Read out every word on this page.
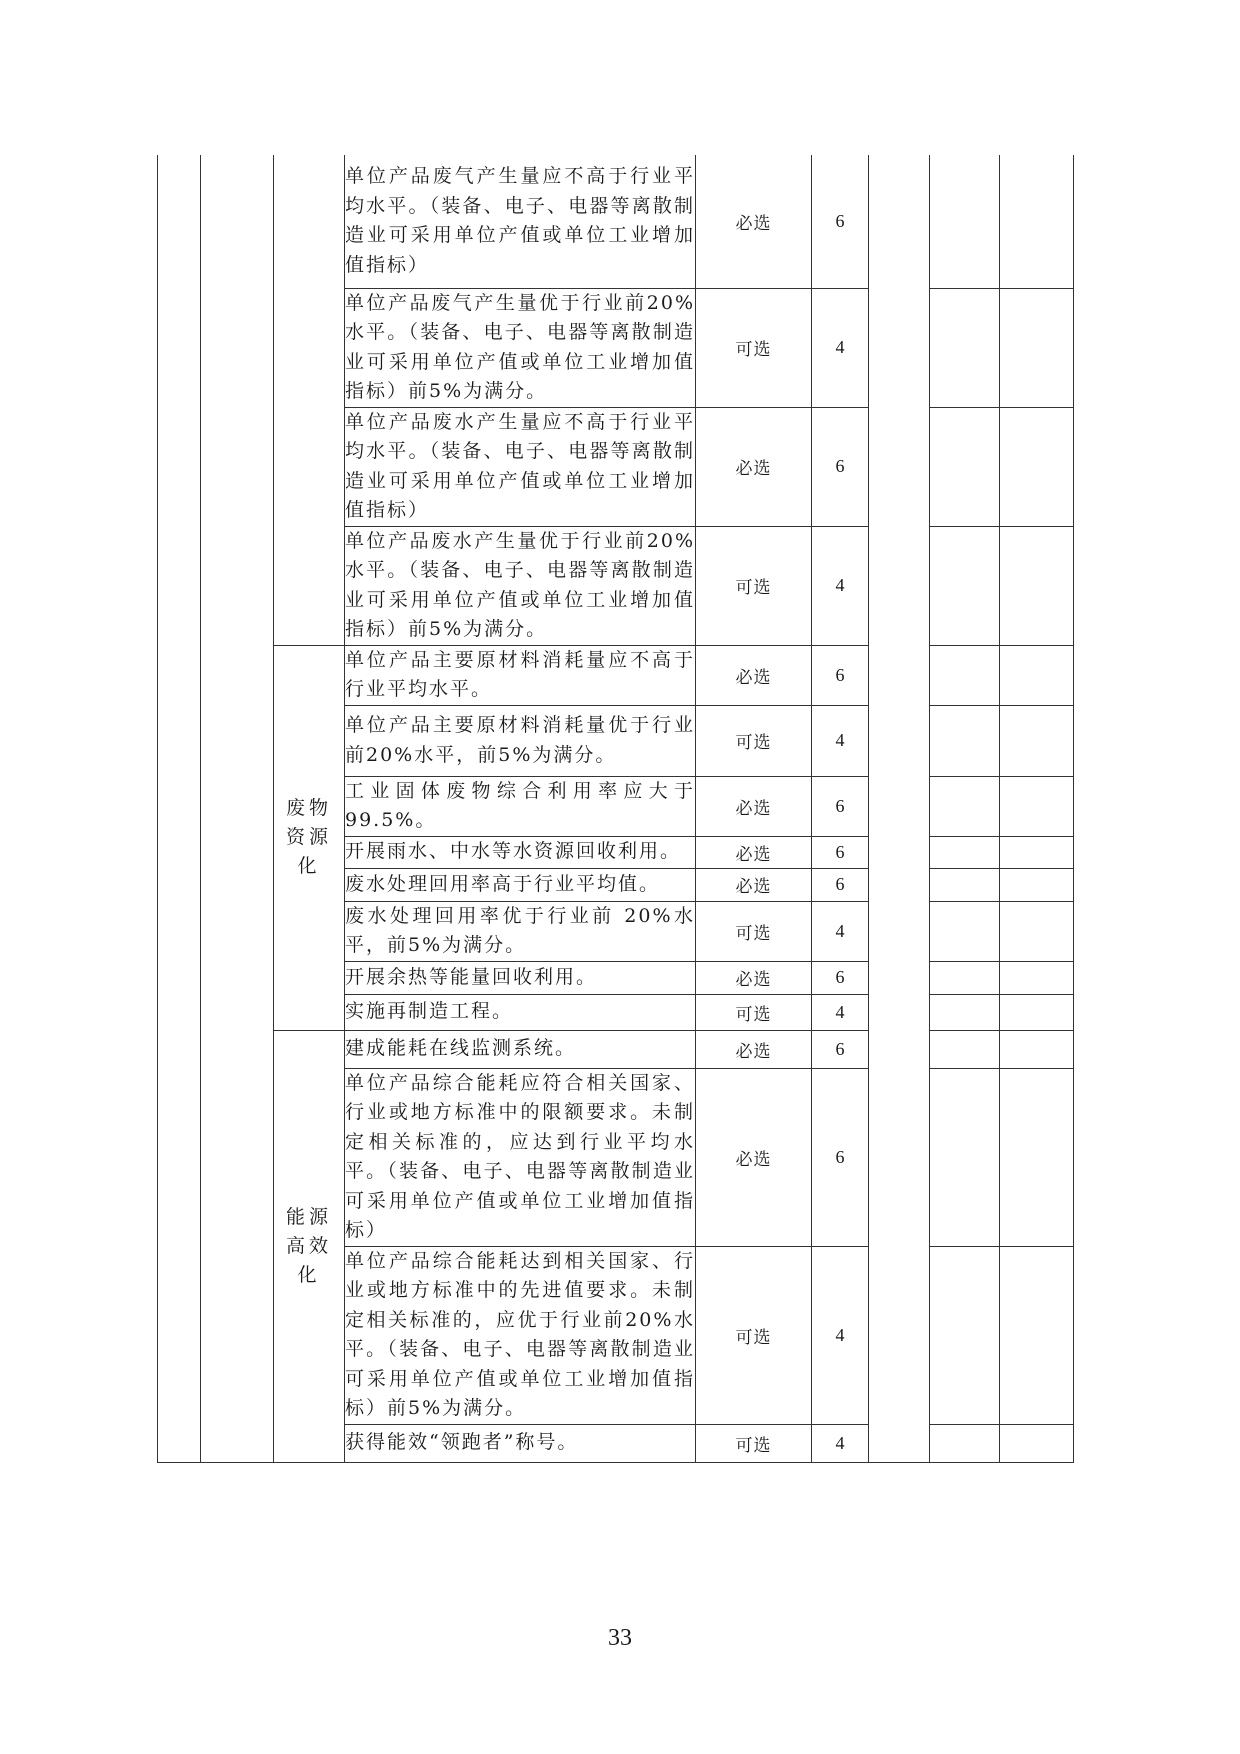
			单位产品废气产生量应不高于行业平均水平。（装备、电子、电器等离散制造业可采用单位产值或单位工业增加值指标）	必选	6			
			单位产品废气产生量优于行业前20%水平。（装备、电子、电器等离散制造业可采用单位产值或单位工业增加值指标）前5%为满分。	可选	4			
			单位产品废水产生量应不高于行业平均水平。（装备、电子、电器等离散制造业可采用单位产值或单位工业增加值指标）	必选	6			
			单位产品废水产生量优于行业前20%水平。（装备、电子、电器等离散制造业可采用单位产值或单位工业增加值指标）前5%为满分。	可选	4			
		废物资源化	单位产品主要原材料消耗量应不高于行业平均水平。	必选	6			
			单位产品主要原材料消耗量优于行业前20%水平，前5%为满分。	可选	4			
			工业固体废物综合利用率应大于99.5%。	必选	6			
			开展雨水、中水等水资源回收利用。	必选	6			
			废水处理回用率高于行业平均值。	必选	6			
			废水处理回用率优于行业前 20%水平，前5%为满分。	可选	4			
			开展余热等能量回收利用。	必选	6			
			实施再制造工程。	可选	4			
		能源高效化	建成能耗在线监测系统。	必选	6			
			单位产品综合能耗应符合相关国家、行业或地方标准中的限额要求。未制定相关标准的，应达到行业平均水平。（装备、电子、电器等离散制造业可采用单位产值或单位工业增加值指标）	必选	6			
			单位产品综合能耗达到相关国家、行业或地方标准中的先进值要求。未制定相关标准的，应优于行业前20%水平。（装备、电子、电器等离散制造业可采用单位产值或单位工业增加值指标）前5%为满分。	可选	4			
			获得能效“领跑者”称号。	可选	4			
33
